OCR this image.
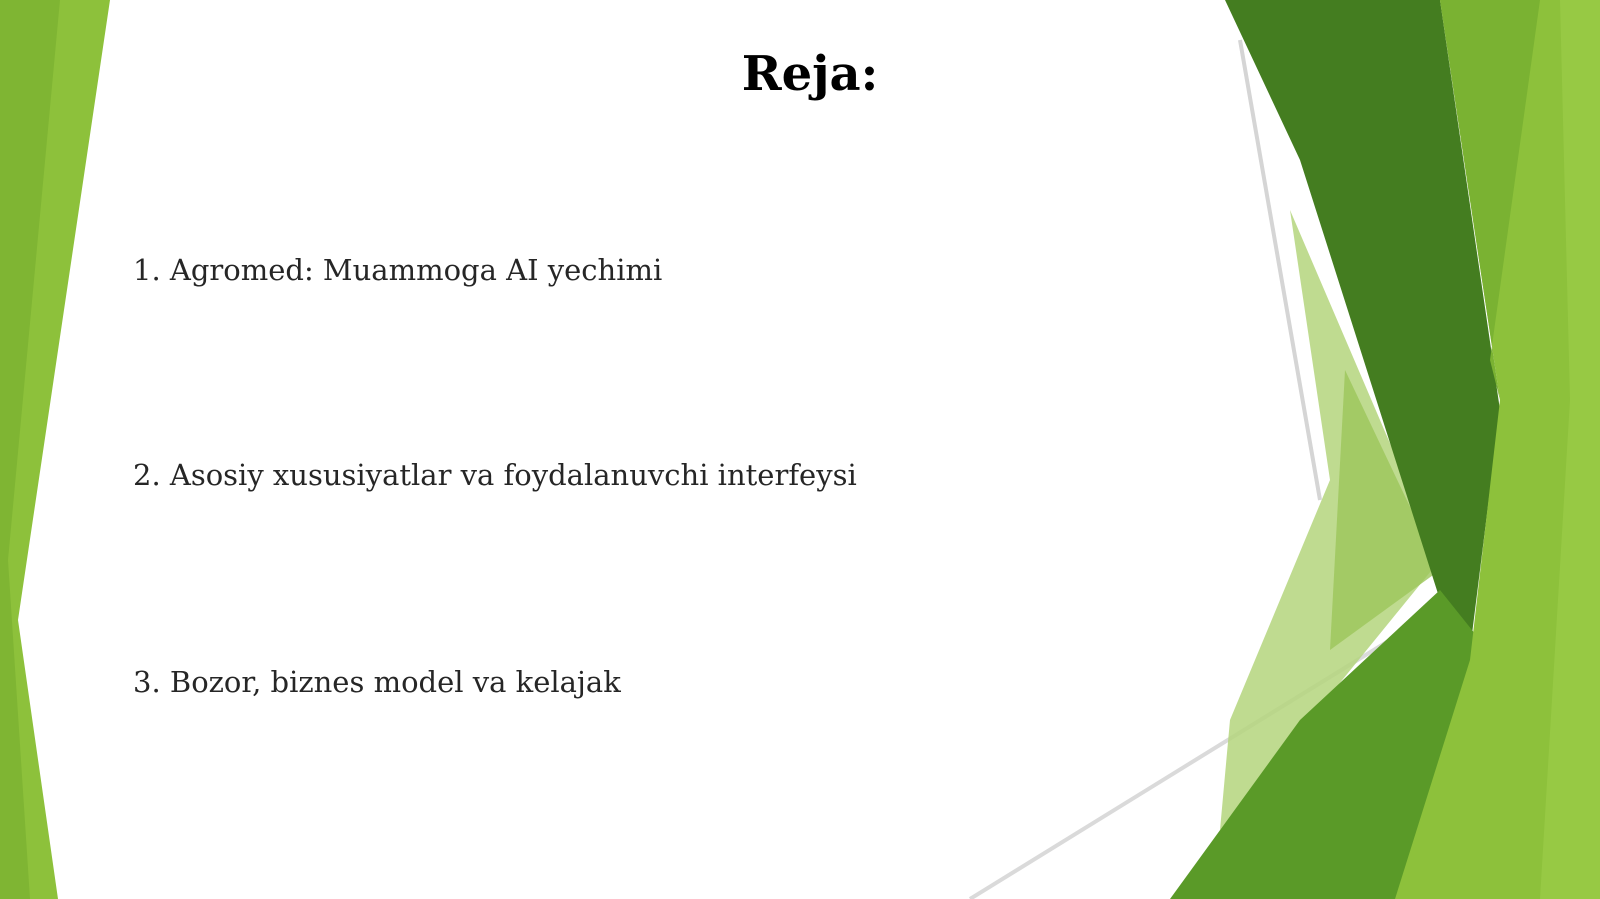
Reja:
1. Agromed: Muammoga AI yechimi
2. Asosiy xususiyatlar va foydalanuvchi interfeysi
3. Bozor, biznes model va kelajak
